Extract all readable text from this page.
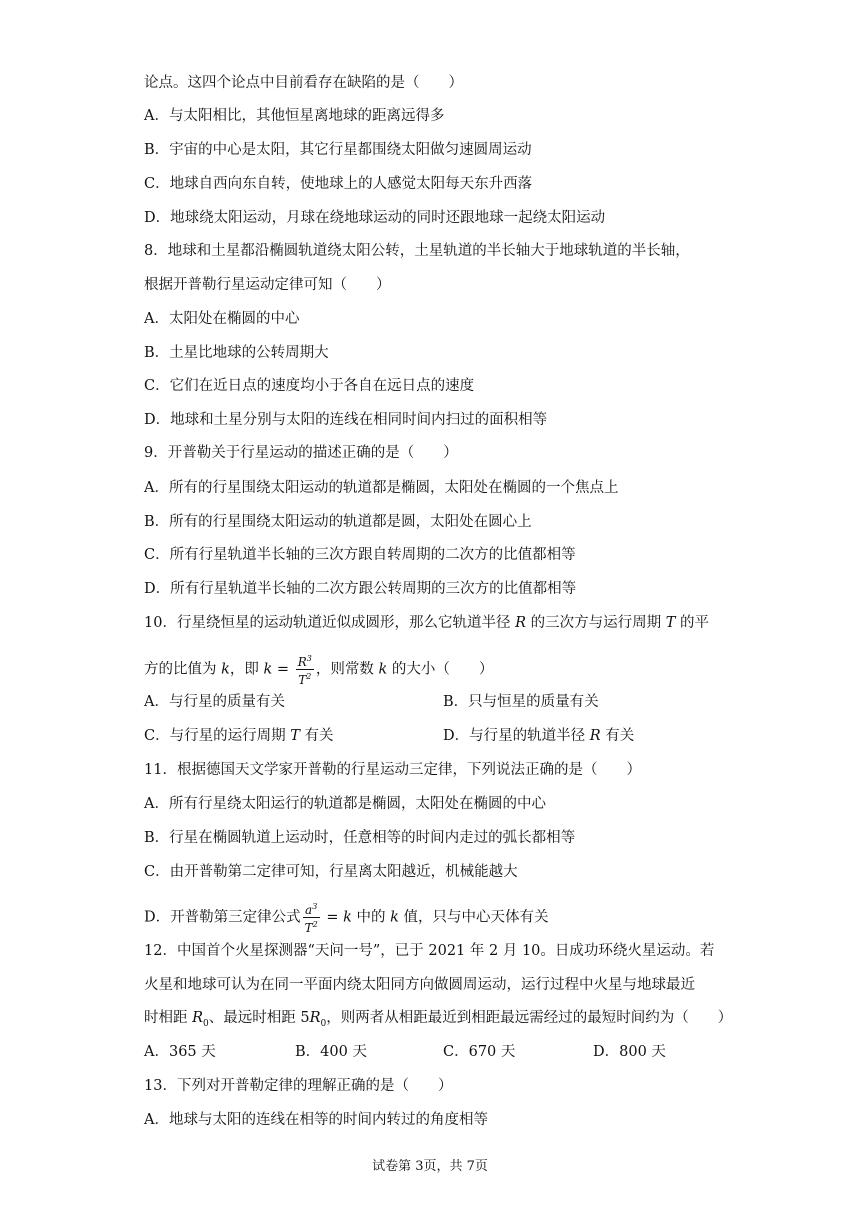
论点。这四个论点中目前看存在缺陷的是（　　）
A．与太阳相比，其他恒星离地球的距离远得多
B．宇宙的中心是太阳，其它行星都围绕太阳做匀速圆周运动
C．地球自西向东自转，使地球上的人感觉太阳每天东升西落
D．地球绕太阳运动，月球在绕地球运动的同时还跟地球一起绕太阳运动
8．地球和土星都沿椭圆轨道绕太阳公转，土星轨道的半长轴大于地球轨道的半长轴，
根据开普勒行星运动定律可知（　　）
A．太阳处在椭圆的中心
B．土星比地球的公转周期大
C．它们在近日点的速度均小于各自在远日点的速度
D．地球和土星分别与太阳的连线在相同时间内扫过的面积相等
9．开普勒关于行星运动的描述正确的是（　　）
A．所有的行星围绕太阳运动的轨道都是椭圆，太阳处在椭圆的一个焦点上
B．所有的行星围绕太阳运动的轨道都是圆，太阳处在圆心上
C．所有行星轨道半长轴的三次方跟自转周期的二次方的比值都相等
D．所有行星轨道半长轴的二次方跟公转周期的三次方的比值都相等
10．行星绕恒星的运动轨道近似成圆形，那么它轨道半径 R 的三次方与运行周期 T 的平
方的比值为 k，即 $k = \frac{R^3}{T^2}$ ，则常数 k 的大小（　　）
A．与行星的质量有关	B．只与恒星的质量有关
C．与行星的运行周期 T 有关	D．与行星的轨道半径 R 有关
11．根据德国天文学家开普勒的行星运动三定律，下列说法正确的是（　　）
A．所有行星绕太阳运行的轨道都是椭圆，太阳处在椭圆的中心
B．行星在椭圆轨道上运动时，任意相等的时间内走过的弧长都相等
C．由开普勒第二定律可知，行星离太阳越近，机械能越大
D．开普勒第三定律公式 $\frac{a^3}{T^2} = k$ 中的 k 值，只与中心天体有关
12．中国首个火星探测器“天问一号”，已于 2021 年 2 月 10。日成功环绕火星运动。若
火星和地球可认为在同一平面内绕太阳同方向做圆周运动，运行过程中火星与地球最近
时相距 $R_0$、最远时相距 $5R_0$，则两者从相距最近到相距最远需经过的最短时间约为（　　）
A．365 天	B．400 天	C．670 天	D．800 天
13．下列对开普勒定律的理解正确的是（　　）
A．地球与太阳的连线在相等的时间内转过的角度相等
试卷第 3页，共 7页
